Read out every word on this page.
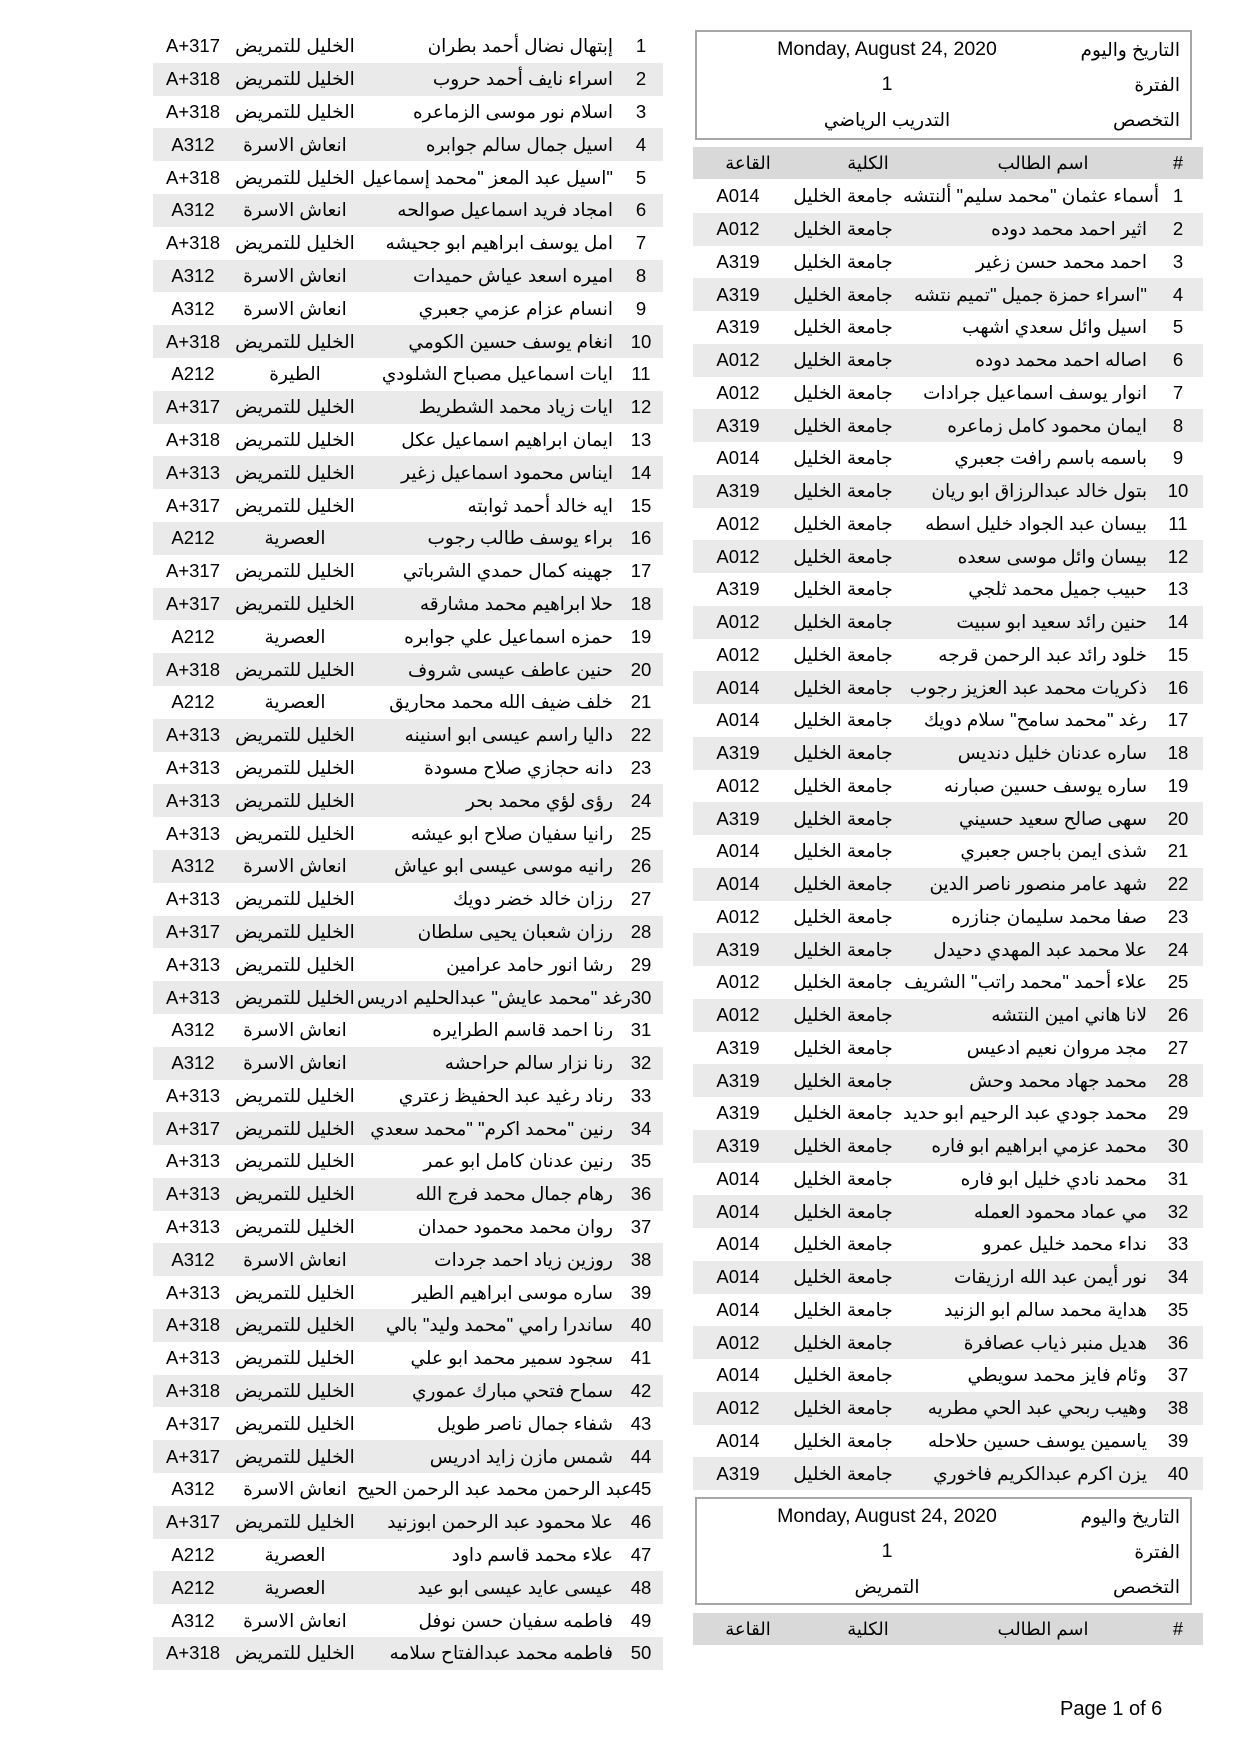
1
إبتهال نضال أحمد بطران
الخليل للتمريض
A+317
2
اسراء نايف أحمد حروب
الخليل للتمريض
A+318
3
اسلام نور موسى الزماعره
الخليل للتمريض
A+318
4
اسيل جمال سالم جوابره
انعاش الاسرة
A312
5
اسيل عبد المعز "محمد إسماعيل"
الخليل للتمريض
A+318
6
امجاد فريد اسماعيل صوالحه
انعاش الاسرة
A312
7
امل يوسف ابراهيم ابو جحيشه
الخليل للتمريض
A+318
8
اميره اسعد عياش حميدات
انعاش الاسرة
A312
9
انسام عزام عزمي جعبري
انعاش الاسرة
A312
10
انغام يوسف حسين الكومي
الخليل للتمريض
A+318
11
ايات اسماعيل مصباح الشلودي
الطيرة
A212
12
ايات زياد محمد الشطريط
الخليل للتمريض
A+317
13
ايمان ابراهيم اسماعيل عكل
الخليل للتمريض
A+318
14
ايناس محمود اسماعيل زغير
الخليل للتمريض
A+313
15
ايه خالد أحمد ثوابته
الخليل للتمريض
A+317
16
براء يوسف طالب رجوب
العصرية
A212
17
جهينه كمال حمدي الشرباتي
الخليل للتمريض
A+317
18
حلا ابراهيم محمد مشارقه
الخليل للتمريض
A+317
19
حمزه اسماعيل علي جوابره
العصرية
A212
20
حنين عاطف عيسى شروف
الخليل للتمريض
A+318
21
خلف ضيف الله محمد محاريق
العصرية
A212
22
داليا راسم عيسى ابو اسنينه
الخليل للتمريض
A+313
23
دانه حجازي صلاح مسودة
الخليل للتمريض
A+313
24
رؤى لؤي محمد بحر
الخليل للتمريض
A+313
25
رانيا سفيان صلاح ابو عيشه
الخليل للتمريض
A+313
26
رانيه موسى عيسى ابو عياش
انعاش الاسرة
A312
27
رزان خالد خضر دويك
الخليل للتمريض
A+313
28
رزان شعبان يحيى سلطان
الخليل للتمريض
A+317
29
رشا انور حامد عرامين
الخليل للتمريض
A+313
30
رغد "محمد عايش" عبدالحليم ادريس
الخليل للتمريض
A+313
31
رنا احمد قاسم الطرايره
انعاش الاسرة
A312
32
رنا نزار سالم حراحشه
انعاش الاسرة
A312
33
رناد رغيد عبد الحفيظ زعتري
الخليل للتمريض
A+313
34
رنين "محمد اكرم" "محمد سعدي
الخليل للتمريض
A+317
35
رنين عدنان كامل ابو عمر
الخليل للتمريض
A+313
36
رهام جمال محمد فرج الله
الخليل للتمريض
A+313
37
روان محمد محمود حمدان
الخليل للتمريض
A+313
38
روزين زياد احمد جردات
انعاش الاسرة
A312
39
ساره موسى ابراهيم الطير
الخليل للتمريض
A+313
40
ساندرا رامي "محمد وليد" بالي
الخليل للتمريض
A+318
41
سجود سمير محمد ابو علي
الخليل للتمريض
A+313
42
سماح فتحي مبارك عموري
الخليل للتمريض
A+318
43
شفاء جمال ناصر طويل
الخليل للتمريض
A+317
44
شمس مازن زايد ادريس
الخليل للتمريض
A+317
45
عبد الرحمن محمد عبد الرحمن الحيح
انعاش الاسرة
A312
46
علا محمود عبد الرحمن ابوزنيد
الخليل للتمريض
A+317
47
علاء محمد قاسم داود
العصرية
A212
48
عيسى عايد عيسى ابو عيد
العصرية
A212
49
فاطمه سفيان حسن نوفل
انعاش الاسرة
A312
50
فاطمه محمد عبدالفتاح سلامه
الخليل للتمريض
A+318
التاريخ واليوم
Monday, August 24, 2020
الفترة
1
التخصص
التدريب الرياضي
#
اسم الطالب
الكلية
القاعة
1
أسماء عثمان "محمد سليم" ألنتشه
جامعة الخليل
A014
2
اثير احمد محمد دوده
جامعة الخليل
A012
3
احمد محمد حسن زغير
جامعة الخليل
A319
4
اسراء حمزة جميل "تميم نتشه"
جامعة الخليل
A319
5
اسيل وائل سعدي اشهب
جامعة الخليل
A319
6
اصاله احمد محمد دوده
جامعة الخليل
A012
7
انوار يوسف اسماعيل جرادات
جامعة الخليل
A012
8
ايمان محمود كامل زماعره
جامعة الخليل
A319
9
باسمه باسم رافت جعبري
جامعة الخليل
A014
10
بتول خالد عبدالرزاق ابو ريان
جامعة الخليل
A319
11
بيسان عبد الجواد خليل اسطه
جامعة الخليل
A012
12
بيسان وائل موسى سعده
جامعة الخليل
A012
13
حبيب جميل محمد ثلجي
جامعة الخليل
A319
14
حنين رائد سعيد ابو سبيت
جامعة الخليل
A012
15
خلود رائد عبد الرحمن قرجه
جامعة الخليل
A012
16
ذكريات محمد عبد العزيز رجوب
جامعة الخليل
A014
17
رغد "محمد سامح" سلام دويك
جامعة الخليل
A014
18
ساره عدنان خليل دنديس
جامعة الخليل
A319
19
ساره يوسف حسين صبارنه
جامعة الخليل
A012
20
سهى صالح سعيد حسيني
جامعة الخليل
A319
21
شذى ايمن باجس جعبري
جامعة الخليل
A014
22
شهد عامر منصور ناصر الدين
جامعة الخليل
A014
23
صفا محمد سليمان جنازره
جامعة الخليل
A012
24
علا محمد عبد المهدي دحيدل
جامعة الخليل
A319
25
علاء أحمد "محمد راتب" الشريف
جامعة الخليل
A012
26
لانا هاني امين النتشه
جامعة الخليل
A012
27
مجد مروان نعيم ادعيس
جامعة الخليل
A319
28
محمد جهاد محمد وحش
جامعة الخليل
A319
29
محمد جودي عبد الرحيم ابو حديد
جامعة الخليل
A319
30
محمد عزمي ابراهيم ابو فاره
جامعة الخليل
A319
31
محمد نادي خليل ابو فاره
جامعة الخليل
A014
32
مي عماد محمود العمله
جامعة الخليل
A014
33
نداء محمد خليل عمرو
جامعة الخليل
A014
34
نور أيمن عبد الله ارزيقات
جامعة الخليل
A014
35
هداية محمد سالم ابو الزنيد
جامعة الخليل
A014
36
هديل منبر ذياب عصافرة
جامعة الخليل
A012
37
وئام فايز محمد سويطي
جامعة الخليل
A014
38
وهيب ربحي عبد الحي مطريه
جامعة الخليل
A012
39
ياسمين يوسف حسين حلاحله
جامعة الخليل
A014
40
يزن اكرم عبدالكريم فاخوري
جامعة الخليل
A319
التاريخ واليوم
Monday, August 24, 2020
الفترة
1
التخصص
التمريض
#
اسم الطالب
الكلية
القاعة
Page 1 of 6
